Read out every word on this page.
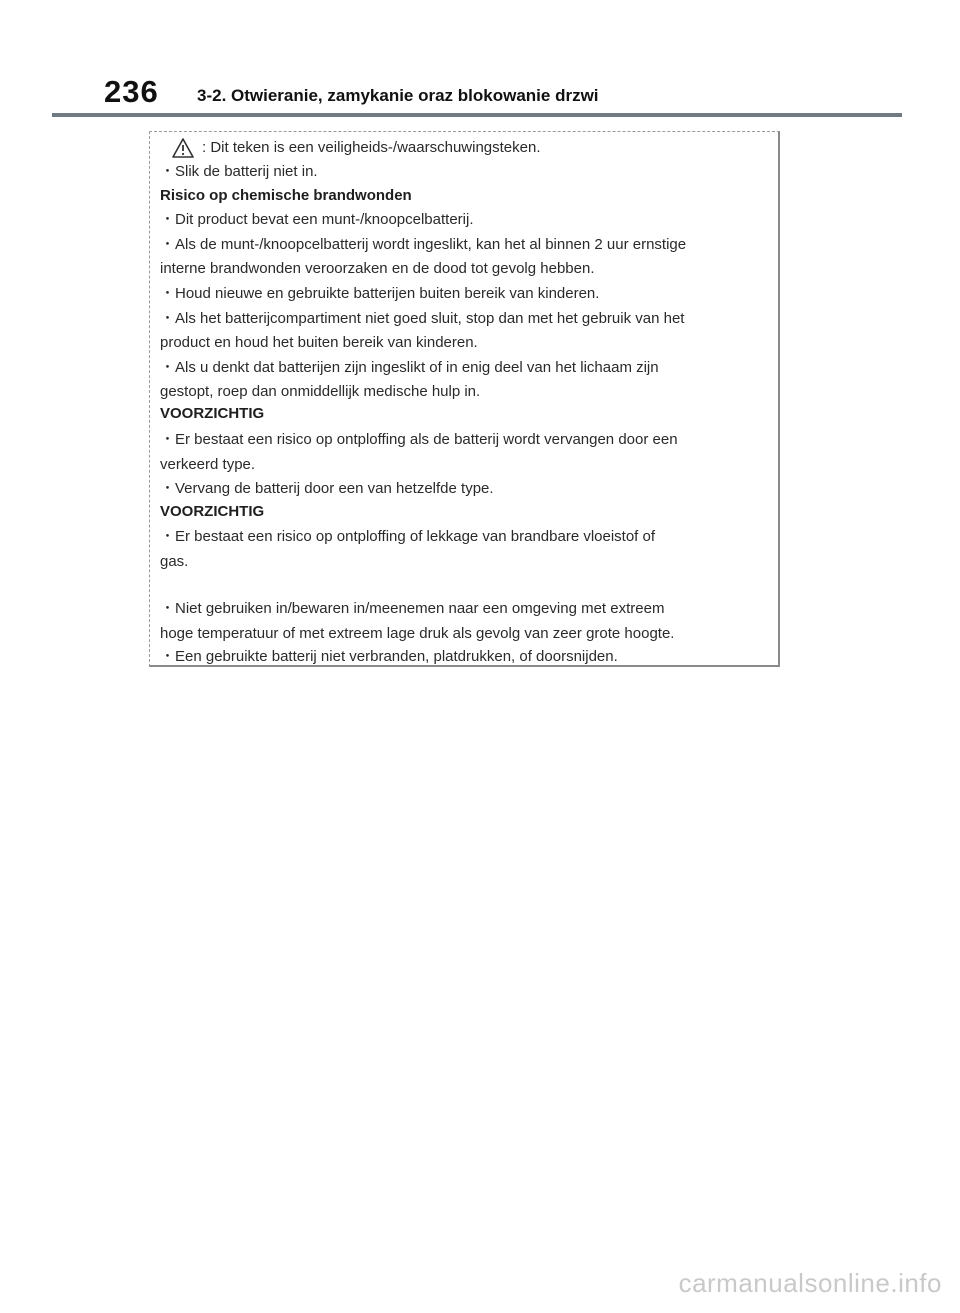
236 3-2. Otwieranie, zamykanie oraz blokowanie drzwi
: Dit teken is een veiligheids-/waarschuwingsteken.
・Slik de batterij niet in.
Risico op chemische brandwonden
・Dit product bevat een munt-/knoopcelbatterij.
・Als de munt-/knoopcelbatterij wordt ingeslikt, kan het al binnen 2 uur ernstige
interne brandwonden veroorzaken en de dood tot gevolg hebben.
・Houd nieuwe en gebruikte batterijen buiten bereik van kinderen.
・Als het batterijcompartiment niet goed sluit, stop dan met het gebruik van het
product en houd het buiten bereik van kinderen.
・Als u denkt dat batterijen zijn ingeslikt of in enig deel van het lichaam zijn
gestopt, roep dan onmiddellijk medische hulp in.
VOORZICHTIG
・Er bestaat een risico op ontploffing als de batterij wordt vervangen door een
verkeerd type.
・Vervang de batterij door een van hetzelfde type.
VOORZICHTIG
・Er bestaat een risico op ontploffing of lekkage van brandbare vloeistof of
gas.
・Niet gebruiken in/bewaren in/meenemen naar een omgeving met extreem
hoge temperatuur of met extreem lage druk als gevolg van zeer grote hoogte.
・Een gebruikte batterij niet verbranden, platdrukken, of doorsnijden.
carmanualsonline.info
